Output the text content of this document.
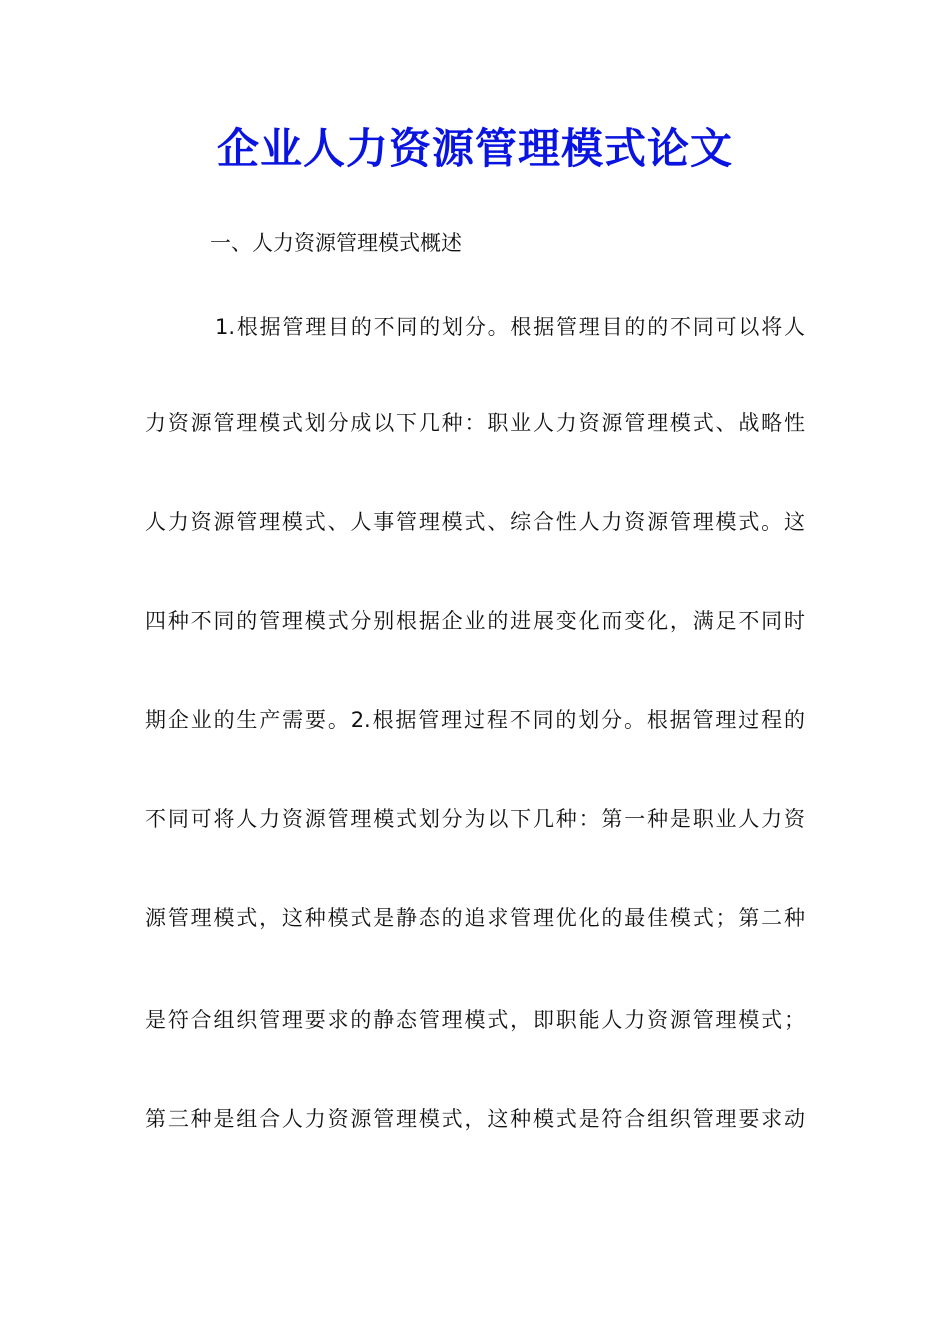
企业人力资源管理模式论文

一、人力资源管理模式概述

1.根据管理目的不同的划分。根据管理目的的不同可以将人

力资源管理模式划分成以下几种：职业人力资源管理模式、战略性

人力资源管理模式、人事管理模式、综合性人力资源管理模式。这

四种不同的管理模式分别根据企业的进展变化而变化，满足不同时

期企业的生产需要。2.根据管理过程不同的划分。根据管理过程的

不同可将人力资源管理模式划分为以下几种：第一种是职业人力资

源管理模式，这种模式是静态的追求管理优化的最佳模式；第二种

是符合组织管理要求的静态管理模式，即职能人力资源管理模式；

第三种是组合人力资源管理模式，这种模式是符合组织管理要求动
